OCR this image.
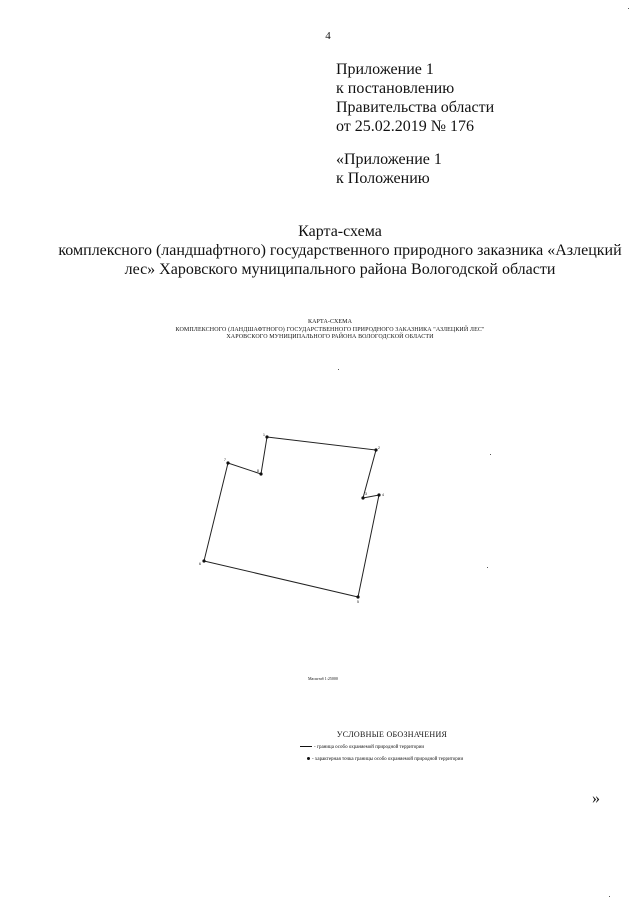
4
Приложение 1
к постановлению
Правительства области
от 25.02.2019 № 176
«Приложение 1
к Положению
Карта-схема
комплексного (ландшафтного) государственного природного заказника «Азлецкий
лес» Харовского муниципального района Вологодской области
КАРТА-СХЕМА
КОМПЛЕКСНОГО (ЛАНДШАФТНОГО) ГОСУДАРСТВЕННОГО ПРИРОДНОГО ЗАКАЗНИКА "АЗЛЕЦКИЙ ЛЕС"
ХАРОВСКОГО МУНИЦИПАЛЬНОГО РАЙОНА ВОЛОГОДСКОЙ ОБЛАСТИ
1
2
3	4
5
6
7
8
Масштаб 1:25000
УСЛОВНЫЕ ОБОЗНАЧЕНИЯ
- граница особо охраняемой природной территории
- характерная точка границы особо охраняемой природной территории
»
